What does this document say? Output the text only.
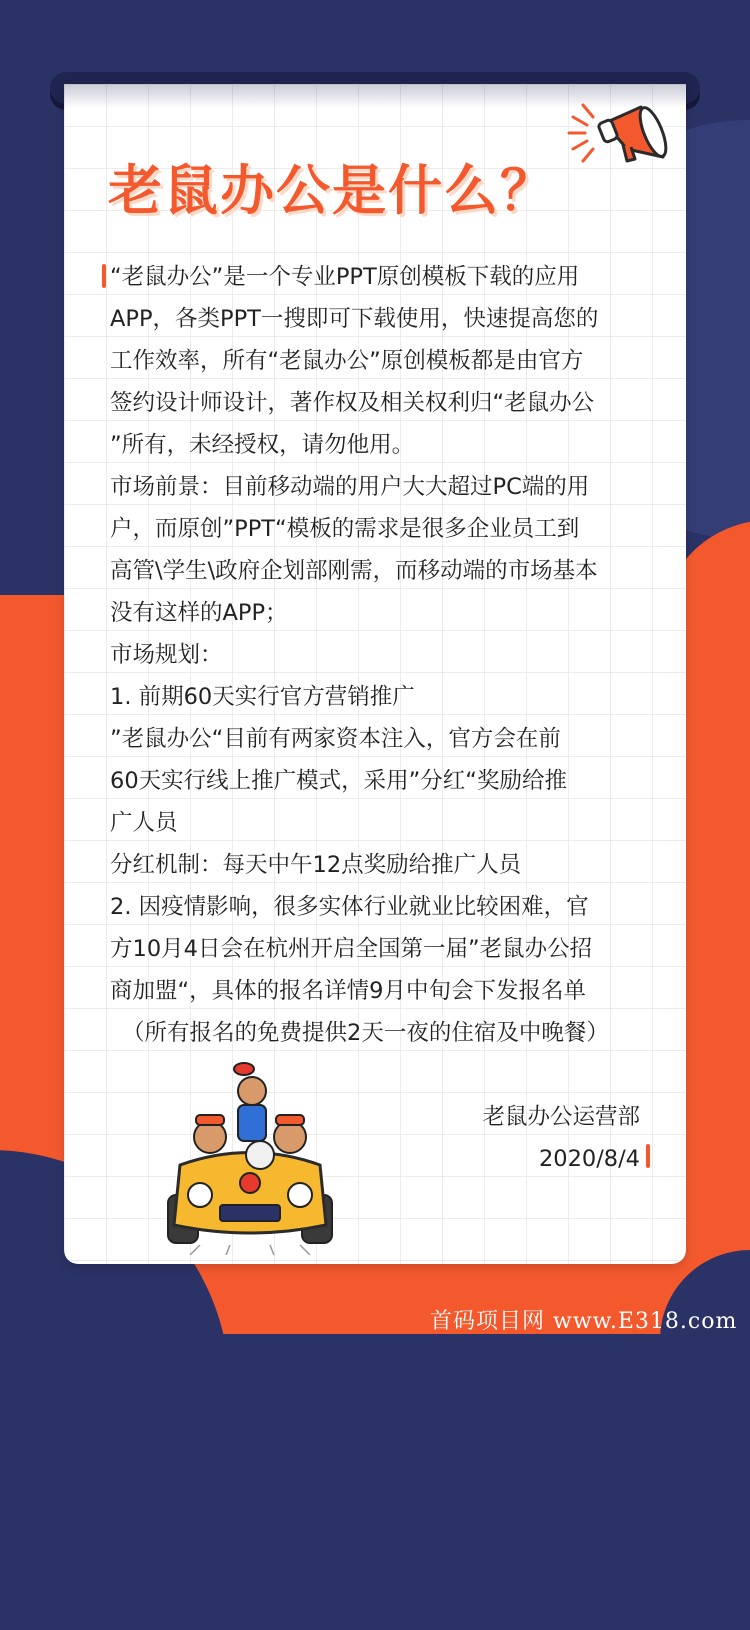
老鼠办公是什么？
“老鼠办公”是一个专业PPT原创模板下载的应用
APP，各类PPT一搜即可下载使用，快速提高您的
工作效率，所有“老鼠办公”原创模板都是由官方
签约设计师设计，著作权及相关权利归“老鼠办公
”所有，未经授权，请勿他用。
市场前景：目前移动端的用户大大超过PC端的用
户，而原创”PPT“模板的需求是很多企业员工到
高管\学生\政府企划部刚需，而移动端的市场基本
没有这样的APP；
市场规划：
1. 前期60天实行官方营销推广
”老鼠办公“目前有两家资本注入，官方会在前
60天实行线上推广模式，采用”分红“奖励给推
广人员
分红机制：每天中午12点奖励给推广人员
2. 因疫情影响，很多实体行业就业比较困难，官
方10月4日会在杭州开启全国第一届”老鼠办公招
商加盟“，具体的报名详情9月中旬会下发报名单
（所有报名的免费提供2天一夜的住宿及中晚餐）
老鼠办公运营部
2020/8/4
首码项目网 www.E318.com
